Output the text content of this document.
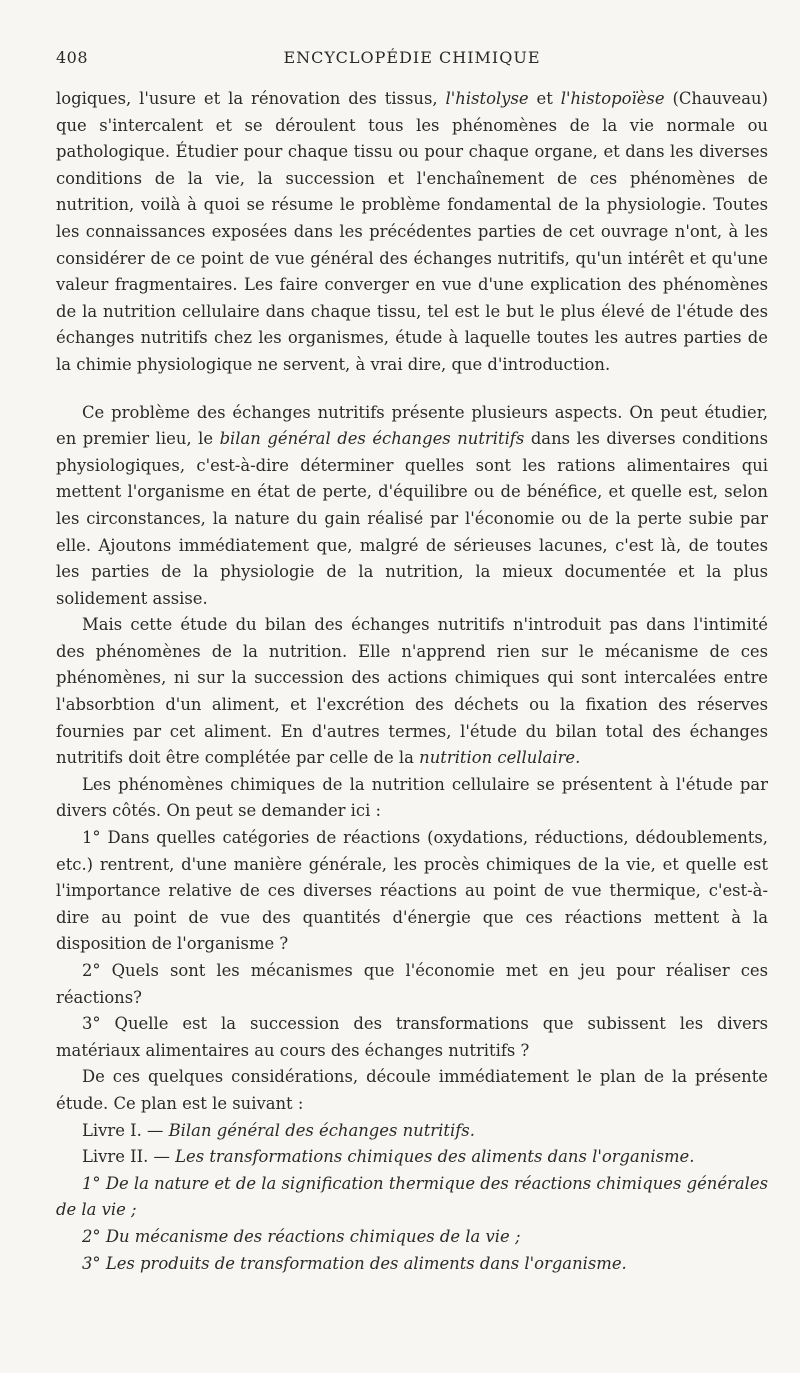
408	ENCYCLOPÉDIE CHIMIQUE

logiques, l'usure et la rénovation des tissus, l'histolyse et l'histopoïèse (Chauveau) que s'intercalent et se déroulent tous les phénomènes de la vie normale ou pathologique. Étudier pour chaque tissu ou pour chaque organe, et dans les diverses conditions de la vie, la succession et l'enchaînement de ces phénomènes de nutrition, voilà à quoi se résume le problème fondamental de la physiologie. Toutes les connaissances exposées dans les précédentes parties de cet ouvrage n'ont, à les considérer de ce point de vue général des échanges nutritifs, qu'un intérêt et qu'une valeur fragmentaires. Les faire converger en vue d'une explication des phénomènes de la nutrition cellulaire dans chaque tissu, tel est le but le plus élevé de l'étude des échanges nutritifs chez les organismes, étude à laquelle toutes les autres parties de la chimie physiologique ne servent, à vrai dire, que d'introduction.

Ce problème des échanges nutritifs présente plusieurs aspects. On peut étudier, en premier lieu, le bilan général des échanges nutritifs dans les diverses conditions physiologiques, c'est-à-dire déterminer quelles sont les rations alimentaires qui mettent l'organisme en état de perte, d'équilibre ou de bénéfice, et quelle est, selon les circonstances, la nature du gain réalisé par l'économie ou de la perte subie par elle. Ajoutons immédiatement que, malgré de sérieuses lacunes, c'est là, de toutes les parties de la physiologie de la nutrition, la mieux documentée et la plus solidement assise.

Mais cette étude du bilan des échanges nutritifs n'introduit pas dans l'intimité des phénomènes de la nutrition. Elle n'apprend rien sur le mécanisme de ces phénomènes, ni sur la succession des actions chimiques qui sont intercalées entre l'absorbtion d'un aliment, et l'excrétion des déchets ou la fixation des réserves fournies par cet aliment. En d'autres termes, l'étude du bilan total des échanges nutritifs doit être complétée par celle de la nutrition cellulaire.

Les phénomènes chimiques de la nutrition cellulaire se présentent à l'étude par divers côtés. On peut se demander ici :

1° Dans quelles catégories de réactions (oxydations, réductions, dédoublements, etc.) rentrent, d'une manière générale, les procès chimiques de la vie, et quelle est l'importance relative de ces diverses réactions au point de vue thermique, c'est-à-dire au point de vue des quantités d'énergie que ces réactions mettent à la disposition de l'organisme ?

2° Quels sont les mécanismes que l'économie met en jeu pour réaliser ces réactions?

3° Quelle est la succession des transformations que subissent les divers matériaux alimentaires au cours des échanges nutritifs ?

De ces quelques considérations, découle immédiatement le plan de la présente étude. Ce plan est le suivant :

Livre I. — Bilan général des échanges nutritifs.

Livre II. — Les transformations chimiques des aliments dans l'organisme.

1° De la nature et de la signification thermique des réactions chimiques générales de la vie ;

2° Du mécanisme des réactions chimiques de la vie ;

3° Les produits de transformation des aliments dans l'organisme.
